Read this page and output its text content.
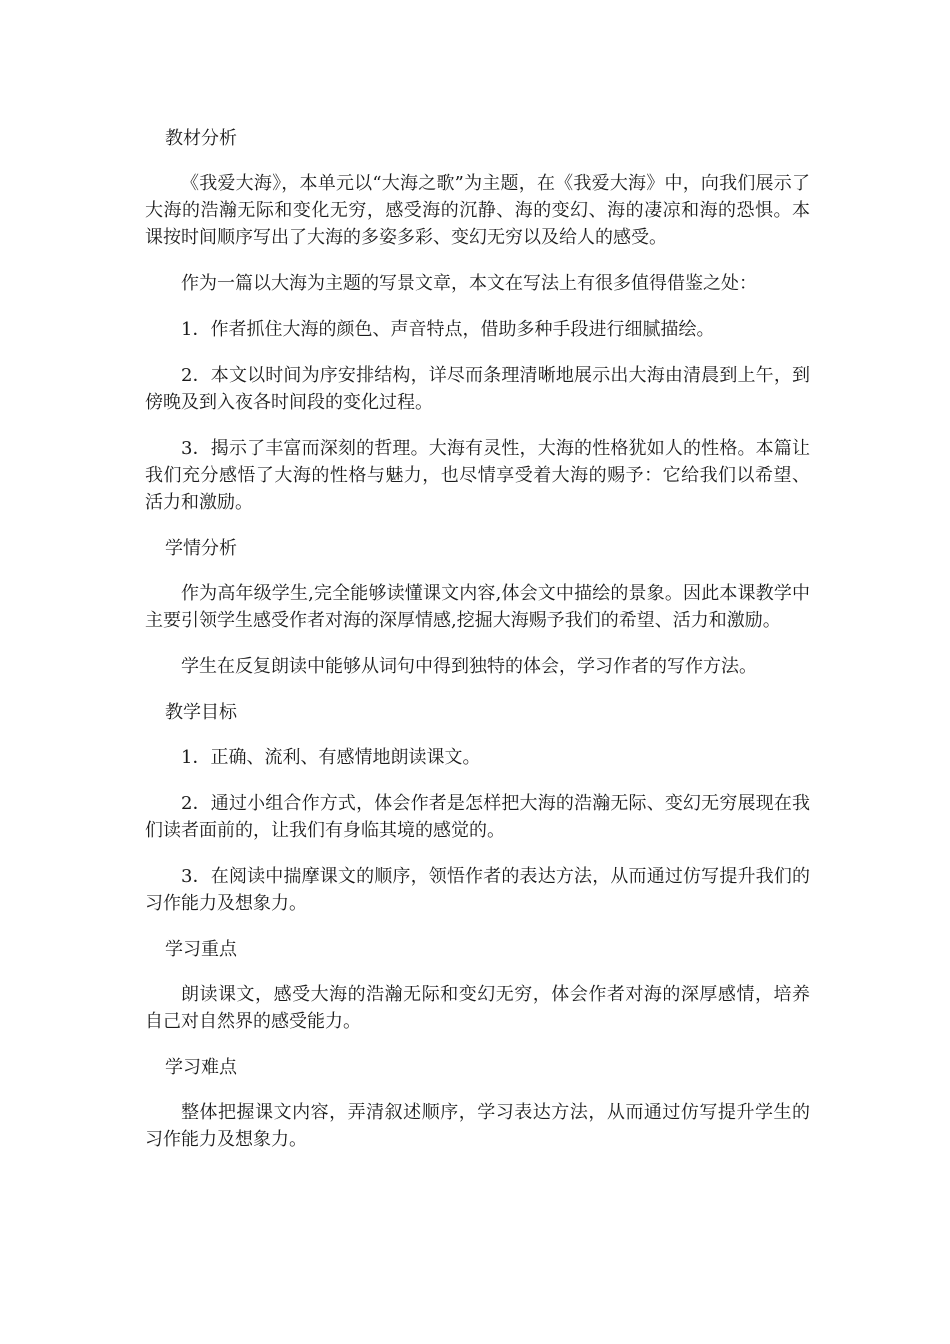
教材分析

《我爱大海》，本单元以“大海之歌”为主题，在《我爱大海》中，向我们展示了大海的浩瀚无际和变化无穷，感受海的沉静、海的变幻、海的凄凉和海的恐惧。本课按时间顺序写出了大海的多姿多彩、变幻无穷以及给人的感受。

作为一篇以大海为主题的写景文章，本文在写法上有很多值得借鉴之处：

1．作者抓住大海的颜色、声音特点，借助多种手段进行细腻描绘。

2．本文以时间为序安排结构，详尽而条理清晰地展示出大海由清晨到上午，到傍晚及到入夜各时间段的变化过程。

3．揭示了丰富而深刻的哲理。大海有灵性，大海的性格犹如人的性格。本篇让我们充分感悟了大海的性格与魅力，也尽情享受着大海的赐予：它给我们以希望、活力和激励。

学情分析

作为高年级学生,完全能够读懂课文内容,体会文中描绘的景象。因此本课教学中主要引领学生感受作者对海的深厚情感,挖掘大海赐予我们的希望、活力和激励。

学生在反复朗读中能够从词句中得到独特的体会，学习作者的写作方法。

教学目标

1．正确、流利、有感情地朗读课文。

2．通过小组合作方式，体会作者是怎样把大海的浩瀚无际、变幻无穷展现在我们读者面前的，让我们有身临其境的感觉的。

3．在阅读中揣摩课文的顺序，领悟作者的表达方法，从而通过仿写提升我们的习作能力及想象力。

学习重点

朗读课文，感受大海的浩瀚无际和变幻无穷，体会作者对海的深厚感情，培养自己对自然界的感受能力。

学习难点

整体把握课文内容，弄清叙述顺序，学习表达方法，从而通过仿写提升学生的习作能力及想象力。
